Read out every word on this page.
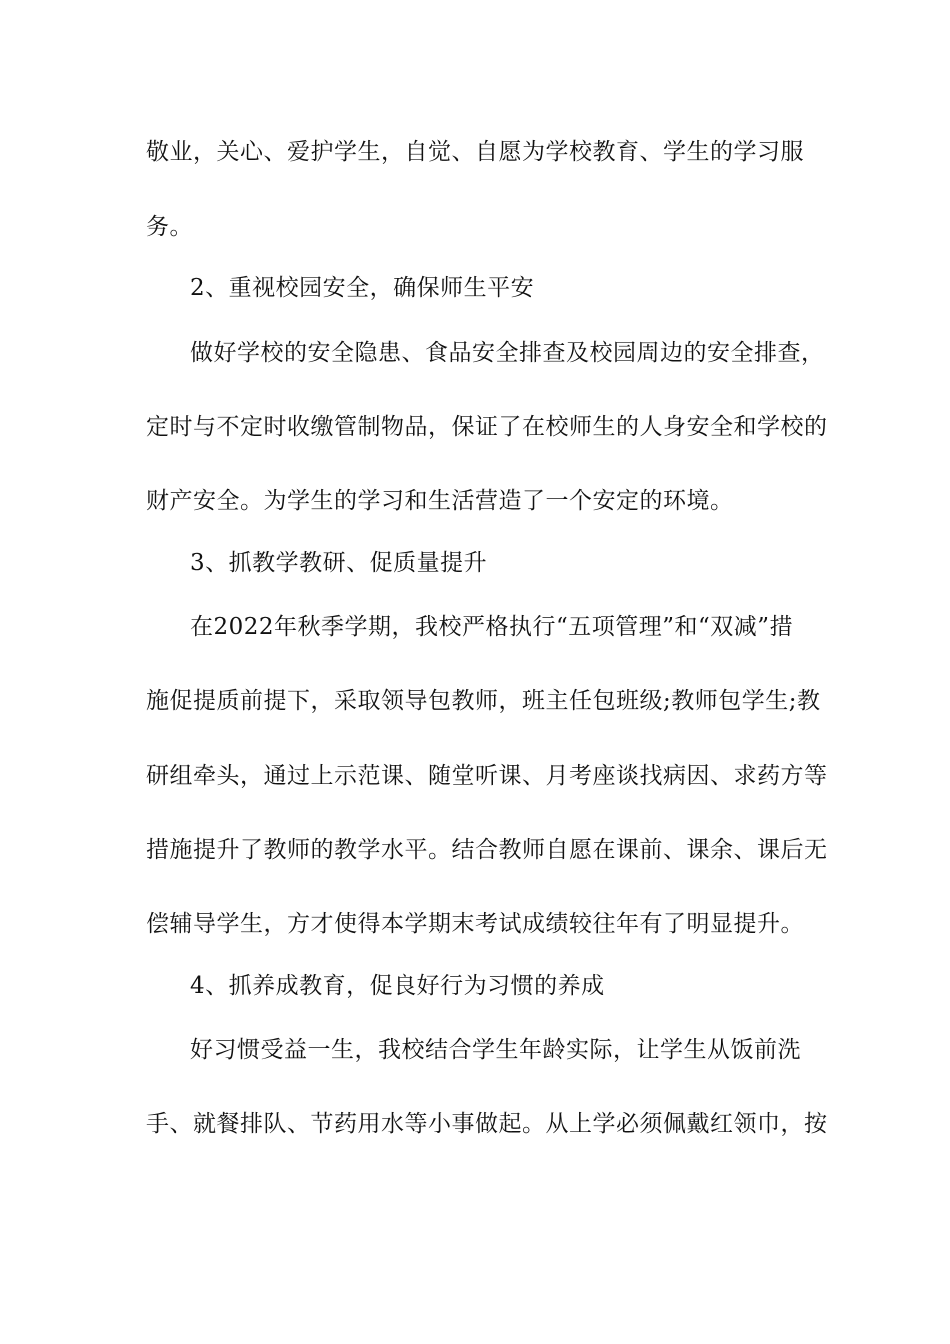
敬业，关心、爱护学生，自觉、自愿为学校教育、学生的学习服
务。
2、重视校园安全，确保师生平安
做好学校的安全隐患、食品安全排查及校园周边的安全排查，
定时与不定时收缴管制物品，保证了在校师生的人身安全和学校的
财产安全。为学生的学习和生活营造了一个安定的环境。
3、抓教学教研、促质量提升
在2022年秋季学期，我校严格执行“五项管理”和“双减”措
施促提质前提下，采取领导包教师，班主任包班级;教师包学生;教
研组牵头，通过上示范课、随堂听课、月考座谈找病因、求药方等
措施提升了教师的教学水平。结合教师自愿在课前、课余、课后无
偿辅导学生，方才使得本学期末考试成绩较往年有了明显提升。
4、抓养成教育，促良好行为习惯的养成
好习惯受益一生，我校结合学生年龄实际，让学生从饭前洗
手、就餐排队、节药用水等小事做起。从上学必须佩戴红领巾，按
